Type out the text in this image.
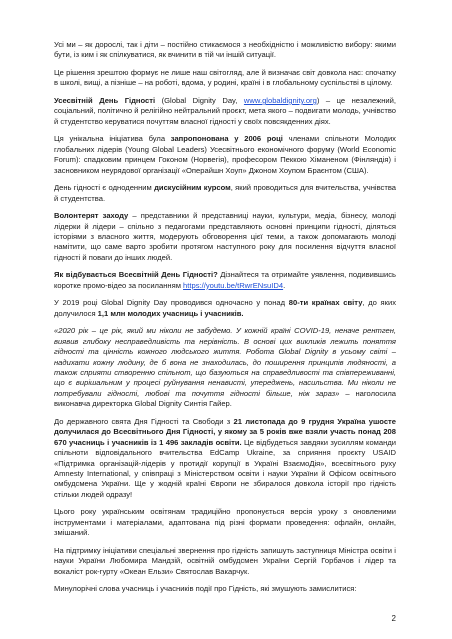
Усі ми – як дорослі, так і діти – постійно стикаємося з необхідністю і можливістю вибору: якими бути, із ким і як спілкуватися, як вчинити в тій чи іншій ситуації.

Це рішення зрештою формує не лише наш світогляд, але й визначає світ довкола нас: спочатку в школі, вищі, а пізніше – на роботі, вдома, у родині, країні і в глобальному суспільстві в цілому.

Усесвітній День Гідності (Global Dignity Day, www.globaldignity.org) – це незалежний, соціальний, політично й релігійно нейтральний проєкт, мета якого – подвигати молодь, учнівство й студентство керуватися почуттям власної гідності у своїх повсякденних діях.

Ця унікальна ініціатива була запропонована у 2006 році членами спільноти Молодих глобальних лідерів (Young Global Leaders) Усесвітнього економічного форуму (World Economic Forum): спадковим принцем Гоконом (Норвегія), професором Пеккою Хіманеном (Фінляндія) і засновником неурядової організації «Операйшн Хоуп» Джоном Хоупом Браєнтом (США).

День гідності є одноденним дискусійним курсом, який проводиться для вчительства, учнівства й студентства.

Волонтерят заходу – представники й представниці науки, культури, медіа, бізнесу, молоді лідерки й лідери – спільно з педагогами представляють основні принципи гідності, діляться історіями з власного життя, модерують обговорення цієї теми, а також допомагають молоді намітити, що саме варто зробити протягом наступного року для посилення відчуття власної гідності й поваги до інших людей.

Як відбувається Всесвітній День Гідності? Дізнайтеся та отримайте уявлення, подивившись коротке промо-відео за посиланням https://youtu.be/tRwrENsuID4.

У 2019 році Global Dignity Day проводився одночасно у понад 80-ти країнах світу, до яких долучилося 1,1 млн молодих учасниць і учасників.

«2020 рік – це рік, який ми ніколи не забудемо. У кожній країні COVID-19, неначе рентген, виявив глибоку несправедливість та нерівність. В основі цих викликів лежить поняття гідності та цінність кожного людського життя. Робота Global Dignity в усьому світі – надихати кожну людину, де б вона не знаходилась, до поширення принципів людяності, а також сприяти створенню спільнот, що базуються на справедливості та співпереживанні, що є вирішальним у процесі руйнування ненависті, упереджень, насильства. Ми ніколи не потребували гідності, любові та почуття гідності більше, ніж зараз» – наголосила виконавча директорка Global Dignity Синтія Гайер.

До державного свята Дня Гідності та Свободи з 21 листопада до 9 грудня Україна ушосте долучилася до Всесвітнього Дня Гідності, у якому за 5 років вже взяли участь понад 208 670 учасниць і учасників із 1 496 закладів освіти. Це відбудеться завдяки зусиллям команди спільноти відповідального вчительства EdCamp Ukraine, за сприяння проєкту USAID «Підтримка організацій-лідерів у протидії корупції в Україні ВзаємоДія», всесвітнього руху Amnesty International, у співпраці з Міністерством освіти і науки України й Офісом освітнього омбудсмена України. Ще у жодній країні Європи не збиралося довкола історії про гідність стільки людей одразу!

Цього року українським освітянам традиційно пропонується версія уроку з оновленими інструментами і матеріалами, адаптована під різні формати проведення: офлайн, онлайн, змішаний.

На підтримку ініціативи спеціальні звернення про гідність запишуть заступниця Міністра освіти і науки України Любомира Мандзій, освітній омбудсмен України Сергій Горбачов і лідер та вокаліст рок-гурту «Океан Ельзи» Святослав Вакарчук.

Минулорічні слова учасниць і учасників події про Гідність, які змушують замислитися:

2
